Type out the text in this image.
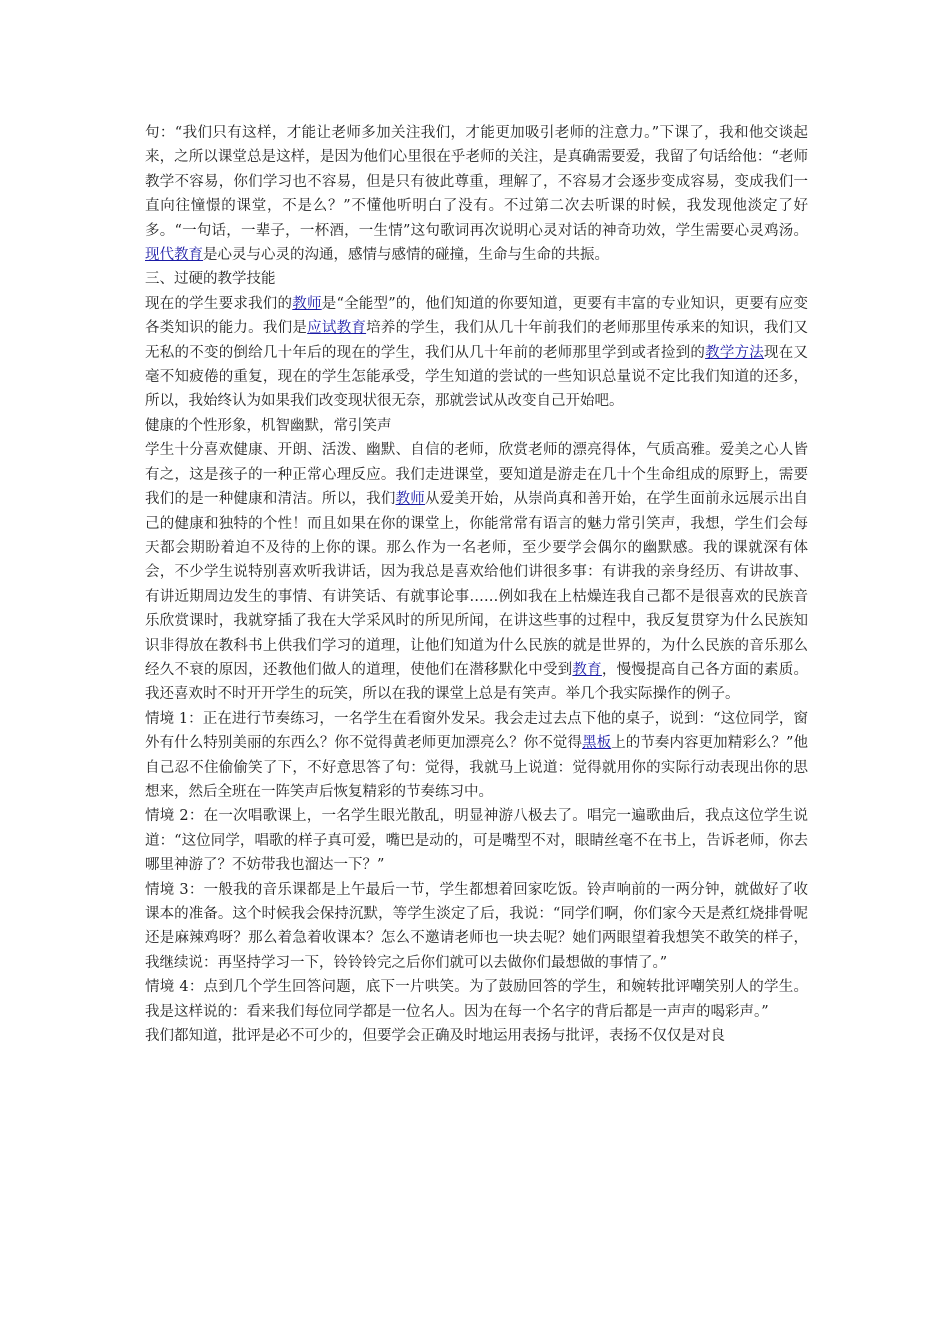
句：“我们只有这样，才能让老师多加关注我们，才能更加吸引老师的注意力。”下课了，我和他交谈起来，之所以课堂总是这样，是因为他们心里很在乎老师的关注，是真确需要爱，我留了句话给他：“老师教学不容易，你们学习也不容易，但是只有彼此尊重，理解了，不容易才会逐步变成容易，变成我们一直向往憧憬的课堂，不是么？”不懂他听明白了没有。不过第二次去听课的时候，我发现他淡定了好多。“一句话，一辈子，一杯酒，一生情”这句歌词再次说明心灵对话的神奇功效，学生需要心灵鸡汤。现代教育是心灵与心灵的沟通，感情与感情的碰撞，生命与生命的共振。

三、过硬的教学技能

现在的学生要求我们的教师是“全能型”的，他们知道的你要知道，更要有丰富的专业知识，更要有应变各类知识的能力。我们是应试教育培养的学生，我们从几十年前我们的老师那里传承来的知识，我们又无私的不变的倒给几十年后的现在的学生，我们从几十年前的老师那里学到或者捡到的教学方法现在又毫不知疲倦的重复，现在的学生怎能承受，学生知道的尝试的一些知识总量说不定比我们知道的还多，所以，我始终认为如果我们改变现状很无奈，那就尝试从改变自己开始吧。

健康的个性形象，机智幽默，常引笑声

学生十分喜欢健康、开朗、活泼、幽默、自信的老师，欣赏老师的漂亮得体，气质高雅。爱美之心人皆有之，这是孩子的一种正常心理反应。我们走进课堂，要知道是游走在几十个生命组成的原野上，需要我们的是一种健康和清洁。所以，我们教师从爱美开始，从崇尚真和善开始，在学生面前永远展示出自己的健康和独特的个性！而且如果在你的课堂上，你能常常有语言的魅力常引笑声，我想，学生们会每天都会期盼着迫不及待的上你的课。那么作为一名老师，至少要学会偶尔的幽默感。我的课就深有体会，不少学生说特别喜欢听我讲话，因为我总是喜欢给他们讲很多事：有讲我的亲身经历、有讲故事、有讲近期周边发生的事情、有讲笑话、有就事论事……例如我在上枯燥连我自己都不是很喜欢的民族音乐欣赏课时，我就穿插了我在大学采风时的所见所闻，在讲这些事的过程中，我反复贯穿为什么民族知识非得放在教科书上供我们学习的道理，让他们知道为什么民族的就是世界的，为什么民族的音乐那么经久不衰的原因，还教他们做人的道理，使他们在潜移默化中受到教育，慢慢提高自己各方面的素质。我还喜欢时不时开开学生的玩笑，所以在我的课堂上总是有笑声。举几个我实际操作的例子。

情境 1：正在进行节奏练习，一名学生在看窗外发呆。我会走过去点下他的桌子，说到：“这位同学，窗外有什么特别美丽的东西么？你不觉得黄老师更加漂亮么？你不觉得黑板上的节奏内容更加精彩么？”他自己忍不住偷偷笑了下，不好意思答了句：觉得，我就马上说道：觉得就用你的实际行动表现出你的思想来，然后全班在一阵笑声后恢复精彩的节奏练习中。

情境 2：在一次唱歌课上，一名学生眼光散乱，明显神游八极去了。唱完一遍歌曲后，我点这位学生说道：“这位同学，唱歌的样子真可爱，嘴巴是动的，可是嘴型不对，眼睛丝毫不在书上，告诉老师，你去哪里神游了？不妨带我也溜达一下？”

情境 3：一般我的音乐课都是上午最后一节，学生都想着回家吃饭。铃声响前的一两分钟，就做好了收课本的准备。这个时候我会保持沉默，等学生淡定了后，我说：“同学们啊，你们家今天是煮红烧排骨呢还是麻辣鸡呀？那么着急着收课本？怎么不邀请老师也一块去呢？她们两眼望着我想笑不敢笑的样子，我继续说：再坚持学习一下，铃铃铃完之后你们就可以去做你们最想做的事情了。”

情境 4：点到几个学生回答问题，底下一片哄笑。为了鼓励回答的学生，和婉转批评嘲笑别人的学生。我是这样说的：看来我们每位同学都是一位名人。因为在每一个名字的背后都是一声声的喝彩声。”

我们都知道，批评是必不可少的，但要学会正确及时地运用表扬与批评，表扬不仅仅是对良
